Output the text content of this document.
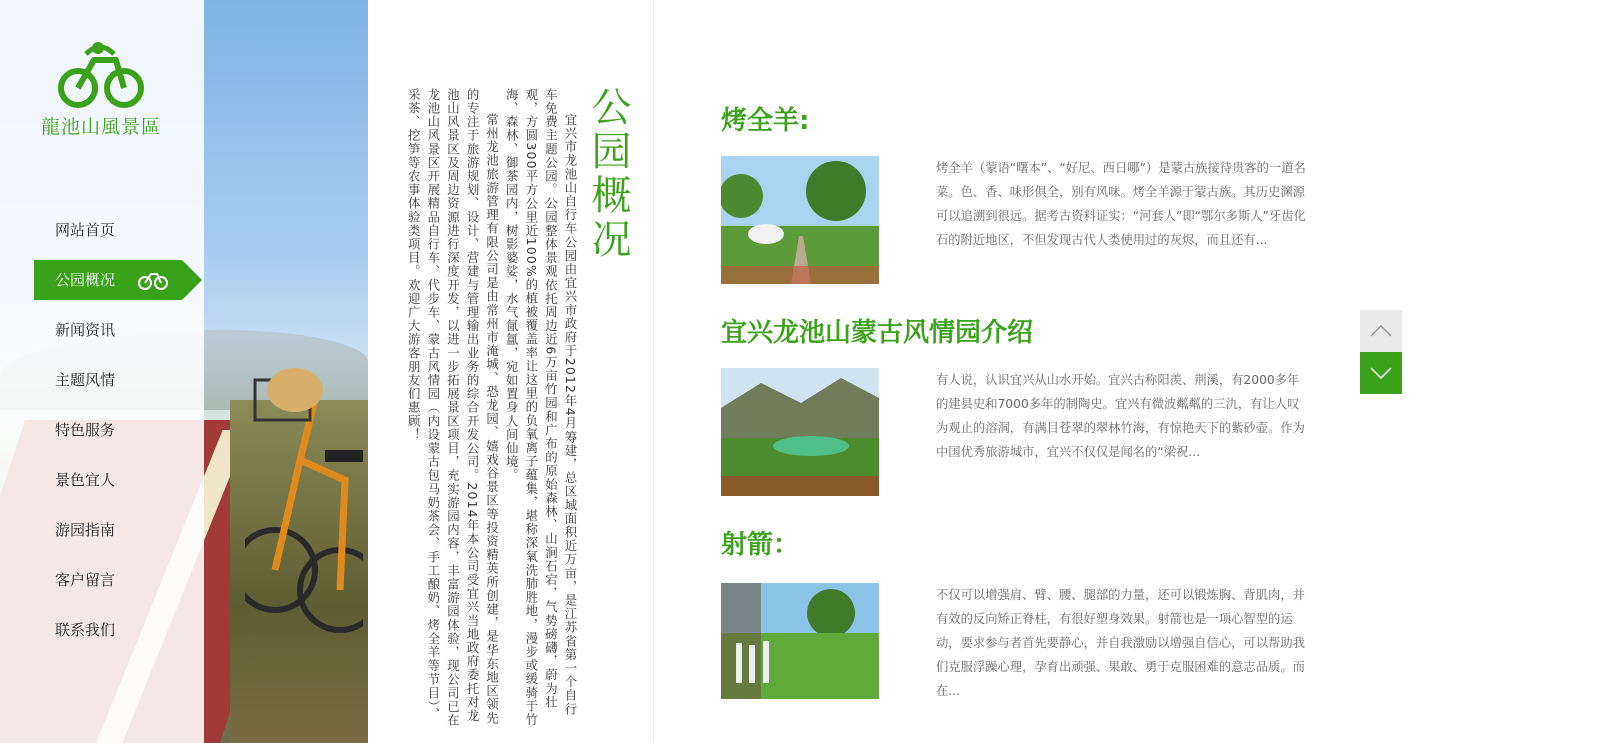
龍池山風景區
网站首页
公园概况
新闻资讯
主题风情
特色服务
景色宜人
游园指南
客户留言
联系我们
公园概况

宜兴市龙池山自行车公园由宜兴市政府于2012年4月筹建，总区域面积近万亩，是江苏省第一个自行车免费主题公园。公园整体景观依托周边近6万亩竹园和广布的原始森林、山涧石宕，气势磅礴，蔚为壮观，方圆300平方公里近100%的植被覆盖率让这里的负氧离子蕴集，堪称深氧洗肺胜地，漫步或缓骑于竹海、森林、御茶园内，树影婆娑，水气氤氲，宛如置身人间仙境。

常州龙池旅游管理有限公司是由常州市淹城、恐龙园、嬉戏谷景区等投资精英所创建，是华东地区领先的专注于旅游规划、设计、营建与管理输出业务的综合开发公司。2014年本公司受宜兴当地政府委托对龙池山风景区及周边资源进行深度开发，以进一步拓展景区项目，充实游园内容，丰富游园体验，现公司已在龙池山风景区开展精品自行车、代步车、蒙古风情园（内设蒙古包马奶茶会、手工酿奶、烤全羊等节目）、采茶、挖笋等农事体验类项目。欢迎广大游客朋友们惠顾！	烤全羊:
烤全羊（蒙语“曙本”、“好尼、西日哪”）是蒙古族接待贵客的一道名菜。色、香、味形俱全，别有风味。烤全羊源于蒙古族。其历史渊源可以追溯到很远。据考古资料证实：“河套人”即“鄂尔多斯人”牙齿化石的附近地区，不但发现古代人类使用过的灰烬，而且还有...
宜兴龙池山蒙古风情园介绍
有人说，认识宜兴从山水开始。宜兴古称阳羡、荆溪，有2000多年的建县史和7000多年的制陶史。宜兴有微波粼粼的三氿，有让人叹为观止的溶洞，有满目苍翠的翠林竹海，有惊艳天下的紫砂壶。作为中国优秀旅游城市，宜兴不仅仅是闻名的“梁祝...
射箭：
不仅可以增强肩、臂、腰、腿部的力量，还可以锻炼胸、背肌肉，并有效的反向矫正脊柱，有很好塑身效果。射箭也是一项心智型的运动，要求参与者首先要静心，并自我激励以增强自信心，可以帮助我们克服浮躁心理，孕育出顽强、果敢、勇于克服困难的意志品质。而在...
